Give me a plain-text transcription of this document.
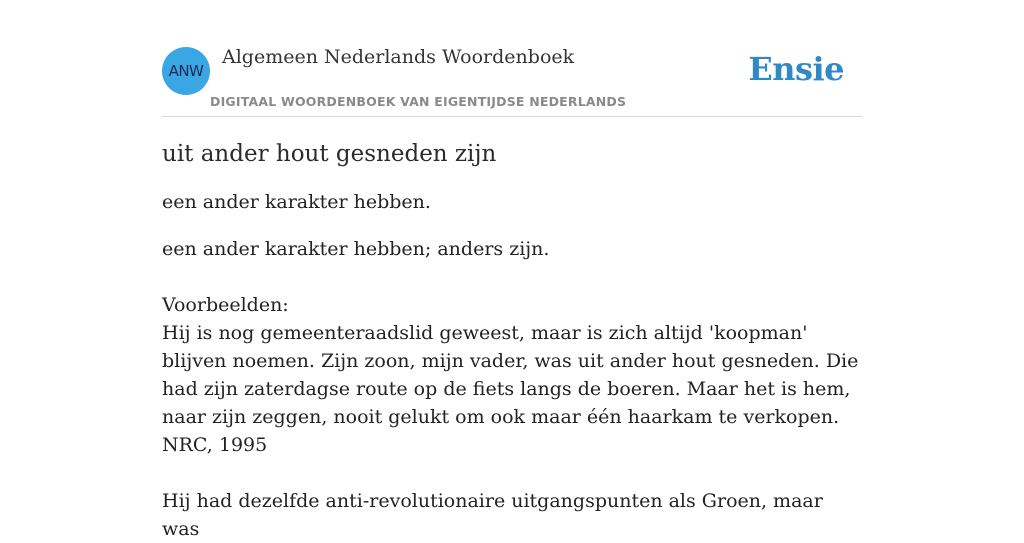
ANW
Algemeen Nederlands Woordenboek
DIGITAAL WOORDENBOEK VAN EIGENTIJDSE NEDERLANDS
Ensie
uit ander hout gesneden zijn

een ander karakter hebben.

een ander karakter hebben; anders zijn.

Voorbeelden:

Hij is nog gemeenteraadslid geweest, maar is zich altijd 'koopman' blijven noemen. Zijn zoon, mijn vader, was uit ander hout gesneden. Die had zijn zaterdagse route op de fiets langs de boeren. Maar het is hem, naar zijn zeggen, nooit gelukt om ook maar één haarkam te verkopen.

NRC, 1995

Hij had dezelfde anti-revolutionaire uitgangspunten als Groen, maar was
